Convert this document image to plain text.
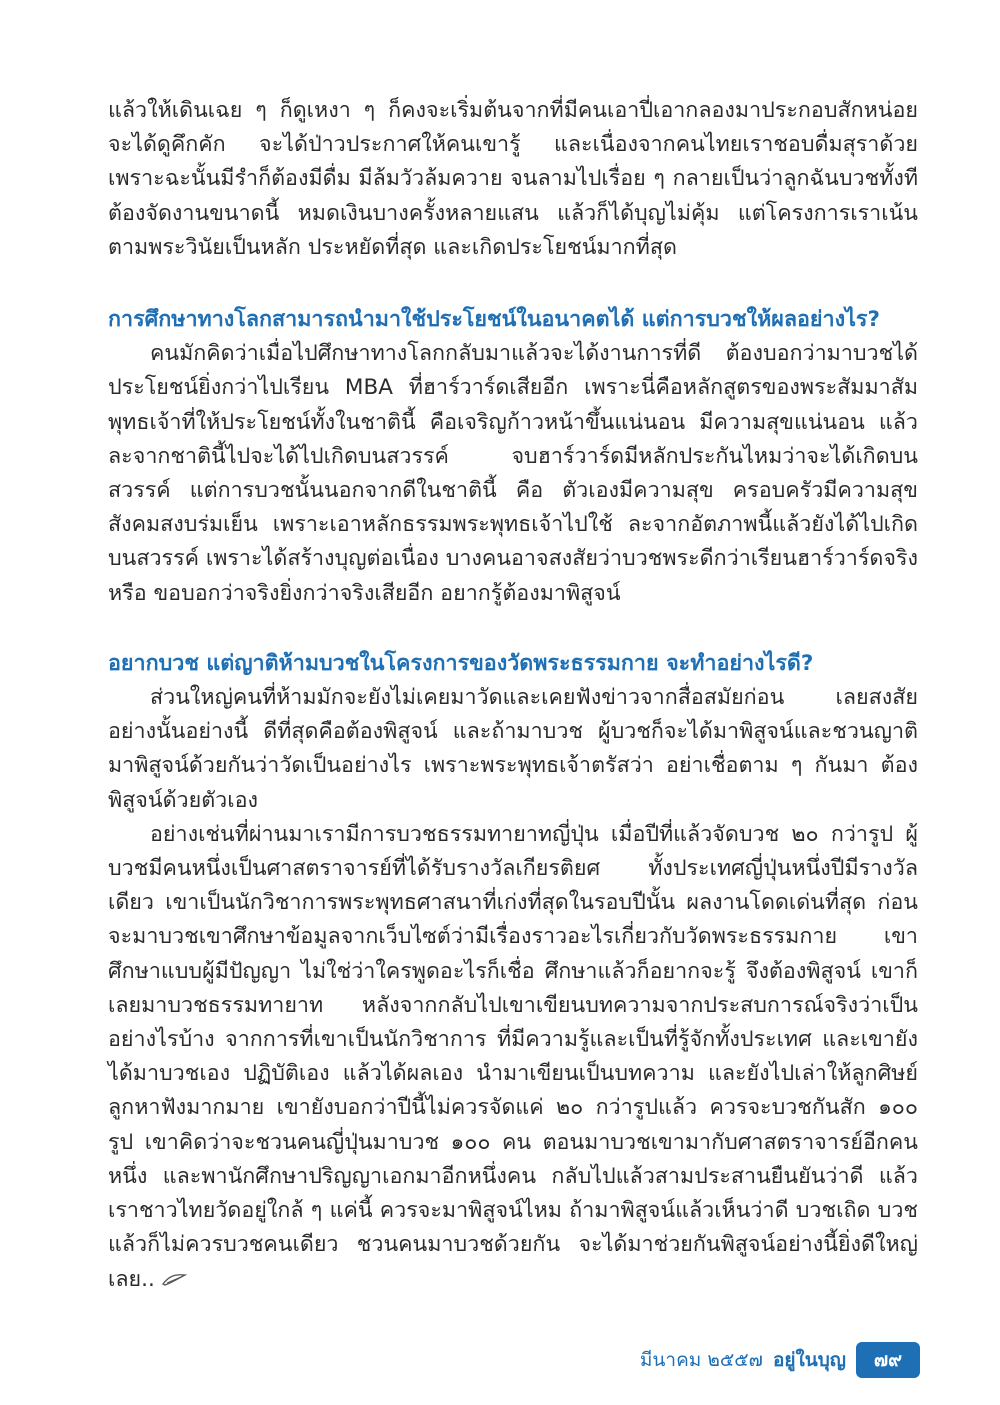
แล้วให้เดินเฉย ๆ ก็ดูเหงา ๆ ก็คงจะเริ่มต้นจากที่มีคนเอาปี่เอากลองมาประกอบสักหน่อย จะได้ดูคึกคัก จะได้ป่าวประกาศให้คนเขารู้ และเนื่องจากคนไทยเราชอบดื่มสุราด้วย เพราะฉะนั้นมีรำก็ต้องมีดื่ม มีล้มวัวล้มควาย จนลามไปเรื่อย ๆ กลายเป็นว่าลูกฉันบวชทั้งที ต้องจัดงานขนาดนี้ หมดเงินบางครั้งหลายแสน แล้วก็ได้บุญไม่คุ้ม แต่โครงการเราเน้นตามพระวินัยเป็นหลัก ประหยัดที่สุด และเกิดประโยชน์มากที่สุด

การศึกษาทางโลกสามารถนำมาใช้ประโยชน์ในอนาคตได้ แต่การบวชให้ผลอย่างไร?

คนมักคิดว่าเมื่อไปศึกษาทางโลกกลับมาแล้วจะได้งานการที่ดี ต้องบอกว่ามาบวชได้ประโยชน์ยิ่งกว่าไปเรียน MBA ที่ฮาร์วาร์ดเสียอีก เพราะนี่คือหลักสูตรของพระสัมมาสัมพุทธเจ้าที่ให้ประโยชน์ทั้งในชาตินี้ คือเจริญก้าวหน้าขึ้นแน่นอน มีความสุขแน่นอน แล้วละจากชาตินี้ไปจะได้ไปเกิดบนสวรรค์ จบฮาร์วาร์ดมีหลักประกันไหมว่าจะได้เกิดบนสวรรค์ แต่การบวชนั้นนอกจากดีในชาตินี้ คือ ตัวเองมีความสุข ครอบครัวมีความสุข สังคมสงบร่มเย็น เพราะเอาหลักธรรมพระพุทธเจ้าไปใช้ ละจากอัตภาพนี้แล้วยังได้ไปเกิดบนสวรรค์ เพราะได้สร้างบุญต่อเนื่อง บางคนอาจสงสัยว่าบวชพระดีกว่าเรียนฮาร์วาร์ดจริงหรือ ขอบอกว่าจริงยิ่งกว่าจริงเสียอีก อยากรู้ต้องมาพิสูจน์

อยากบวช แต่ญาติห้ามบวชในโครงการของวัดพระธรรมกาย จะทำอย่างไรดี?

ส่วนใหญ่คนที่ห้ามมักจะยังไม่เคยมาวัดและเคยฟังข่าวจากสื่อสมัยก่อน เลยสงสัยอย่างนั้นอย่างนี้ ดีที่สุดคือต้องพิสูจน์ และถ้ามาบวช ผู้บวชก็จะได้มาพิสูจน์และชวนญาติมาพิสูจน์ด้วยกันว่าวัดเป็นอย่างไร เพราะพระพุทธเจ้าตรัสว่า อย่าเชื่อตาม ๆ กันมา ต้องพิสูจน์ด้วยตัวเอง

อย่างเช่นที่ผ่านมาเรามีการบวชธรรมทายาทญี่ปุ่น เมื่อปีที่แล้วจัดบวช ๒๐ กว่ารูป ผู้บวชมีคนหนึ่งเป็นศาสตราจารย์ที่ได้รับรางวัลเกียรติยศ ทั้งประเทศญี่ปุ่นหนึ่งปีมีรางวัลเดียว เขาเป็นนักวิชาการพระพุทธศาสนาที่เก่งที่สุดในรอบปีนั้น ผลงานโดดเด่นที่สุด ก่อนจะมาบวชเขาศึกษาข้อมูลจากเว็บไซต์ว่ามีเรื่องราวอะไรเกี่ยวกับวัดพระธรรมกาย เขาศึกษาแบบผู้มีปัญญา ไม่ใช่ว่าใครพูดอะไรก็เชื่อ ศึกษาแล้วก็อยากจะรู้ จึงต้องพิสูจน์ เขาก็เลยมาบวชธรรมทายาท หลังจากกลับไปเขาเขียนบทความจากประสบการณ์จริงว่าเป็นอย่างไรบ้าง จากการที่เขาเป็นนักวิชาการ ที่มีความรู้และเป็นที่รู้จักทั้งประเทศ และเขายังได้มาบวชเอง ปฏิบัติเอง แล้วได้ผลเอง นำมาเขียนเป็นบทความ และยังไปเล่าให้ลูกศิษย์ลูกหาฟังมากมาย เขายังบอกว่าปีนี้ไม่ควรจัดแค่ ๒๐ กว่ารูปแล้ว ควรจะบวชกันสัก ๑๐๐ รูป เขาคิดว่าจะชวนคนญี่ปุ่นมาบวช ๑๐๐ คน ตอนมาบวชเขามากับศาสตราจารย์อีกคนหนึ่ง และพานักศึกษาปริญญาเอกมาอีกหนึ่งคน กลับไปแล้วสามประสานยืนยันว่าดี แล้วเราชาวไทยวัดอยู่ใกล้ ๆ แค่นี้ ควรจะมาพิสูจน์ไหม ถ้ามาพิสูจน์แล้วเห็นว่าดี บวชเถิด บวชแล้วก็ไม่ควรบวชคนเดียว ชวนคนมาบวชด้วยกัน จะได้มาช่วยกันพิสูจน์อย่างนี้ยิ่งดีใหญ่เลย..

มีนาคม ๒๕๕๗ อยู่ในบุญ	๗๙
